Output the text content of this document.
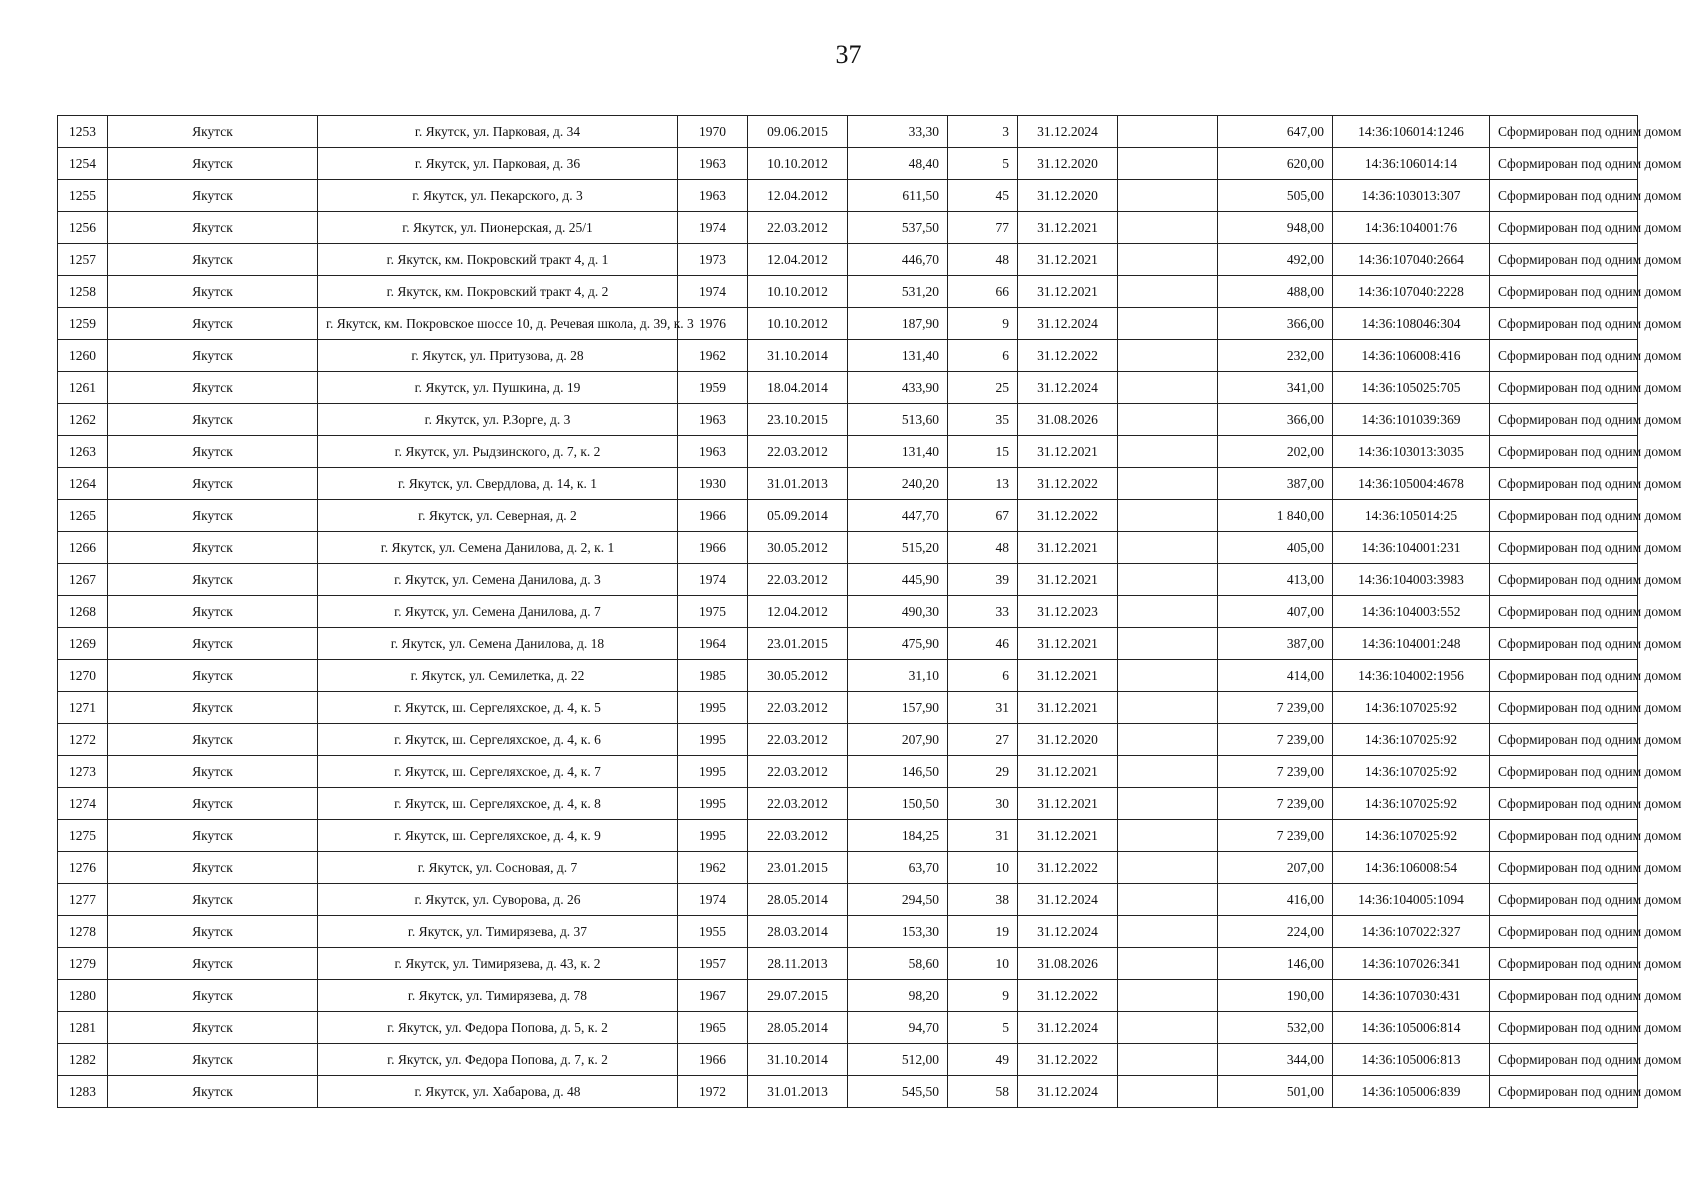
37
1253	Якутск	г. Якутск, ул. Парковая, д. 34	1970	09.06.2015	33,30	3	31.12.2024		647,00	14:36:106014:1246	Сформирован под одним домом
1254	Якутск	г. Якутск, ул. Парковая, д. 36	1963	10.10.2012	48,40	5	31.12.2020		620,00	14:36:106014:14	Сформирован под одним домом
1255	Якутск	г. Якутск, ул. Пекарского, д. 3	1963	12.04.2012	611,50	45	31.12.2020		505,00	14:36:103013:307	Сформирован под одним домом
1256	Якутск	г. Якутск, ул. Пионерская, д. 25/1	1974	22.03.2012	537,50	77	31.12.2021		948,00	14:36:104001:76	Сформирован под одним домом
1257	Якутск	г. Якутск, км. Покровский тракт 4, д. 1	1973	12.04.2012	446,70	48	31.12.2021		492,00	14:36:107040:2664	Сформирован под одним домом
1258	Якутск	г. Якутск, км. Покровский тракт 4, д. 2	1974	10.10.2012	531,20	66	31.12.2021		488,00	14:36:107040:2228	Сформирован под одним домом
1259	Якутск	г. Якутск, км. Покровское шоссе 10, д. Речевая школа, д. 39, к. 3	1976	10.10.2012	187,90	9	31.12.2024		366,00	14:36:108046:304	Сформирован под одним домом
1260	Якутск	г. Якутск, ул. Притузова, д. 28	1962	31.10.2014	131,40	6	31.12.2022		232,00	14:36:106008:416	Сформирован под одним домом
1261	Якутск	г. Якутск, ул. Пушкина, д. 19	1959	18.04.2014	433,90	25	31.12.2024		341,00	14:36:105025:705	Сформирован под одним домом
1262	Якутск	г. Якутск, ул. Р.Зорге, д. 3	1963	23.10.2015	513,60	35	31.08.2026		366,00	14:36:101039:369	Сформирован под одним домом
1263	Якутск	г. Якутск, ул. Рыдзинского, д. 7, к. 2	1963	22.03.2012	131,40	15	31.12.2021		202,00	14:36:103013:3035	Сформирован под одним домом
1264	Якутск	г. Якутск, ул. Свердлова, д. 14, к. 1	1930	31.01.2013	240,20	13	31.12.2022		387,00	14:36:105004:4678	Сформирован под одним домом
1265	Якутск	г. Якутск, ул. Северная, д. 2	1966	05.09.2014	447,70	67	31.12.2022		1 840,00	14:36:105014:25	Сформирован под одним домом
1266	Якутск	г. Якутск, ул. Семена Данилова, д. 2, к. 1	1966	30.05.2012	515,20	48	31.12.2021		405,00	14:36:104001:231	Сформирован под одним домом
1267	Якутск	г. Якутск, ул. Семена Данилова, д. 3	1974	22.03.2012	445,90	39	31.12.2021		413,00	14:36:104003:3983	Сформирован под одним домом
1268	Якутск	г. Якутск, ул. Семена Данилова, д. 7	1975	12.04.2012	490,30	33	31.12.2023		407,00	14:36:104003:552	Сформирован под одним домом
1269	Якутск	г. Якутск, ул. Семена Данилова, д. 18	1964	23.01.2015	475,90	46	31.12.2021		387,00	14:36:104001:248	Сформирован под одним домом
1270	Якутск	г. Якутск, ул. Семилетка, д. 22	1985	30.05.2012	31,10	6	31.12.2021		414,00	14:36:104002:1956	Сформирован под одним домом
1271	Якутск	г. Якутск, ш. Сергеляхское, д. 4, к. 5	1995	22.03.2012	157,90	31	31.12.2021		7 239,00	14:36:107025:92	Сформирован под одним домом
1272	Якутск	г. Якутск, ш. Сергеляхское, д. 4, к. 6	1995	22.03.2012	207,90	27	31.12.2020		7 239,00	14:36:107025:92	Сформирован под одним домом
1273	Якутск	г. Якутск, ш. Сергеляхское, д. 4, к. 7	1995	22.03.2012	146,50	29	31.12.2021		7 239,00	14:36:107025:92	Сформирован под одним домом
1274	Якутск	г. Якутск, ш. Сергеляхское, д. 4, к. 8	1995	22.03.2012	150,50	30	31.12.2021		7 239,00	14:36:107025:92	Сформирован под одним домом
1275	Якутск	г. Якутск, ш. Сергеляхское, д. 4, к. 9	1995	22.03.2012	184,25	31	31.12.2021		7 239,00	14:36:107025:92	Сформирован под одним домом
1276	Якутск	г. Якутск, ул. Сосновая, д. 7	1962	23.01.2015	63,70	10	31.12.2022		207,00	14:36:106008:54	Сформирован под одним домом
1277	Якутск	г. Якутск, ул. Суворова, д. 26	1974	28.05.2014	294,50	38	31.12.2024		416,00	14:36:104005:1094	Сформирован под одним домом
1278	Якутск	г. Якутск, ул. Тимирязева, д. 37	1955	28.03.2014	153,30	19	31.12.2024		224,00	14:36:107022:327	Сформирован под одним домом
1279	Якутск	г. Якутск, ул. Тимирязева, д. 43, к. 2	1957	28.11.2013	58,60	10	31.08.2026		146,00	14:36:107026:341	Сформирован под одним домом
1280	Якутск	г. Якутск, ул. Тимирязева, д. 78	1967	29.07.2015	98,20	9	31.12.2022		190,00	14:36:107030:431	Сформирован под одним домом
1281	Якутск	г. Якутск, ул. Федора Попова, д. 5, к. 2	1965	28.05.2014	94,70	5	31.12.2024		532,00	14:36:105006:814	Сформирован под одним домом
1282	Якутск	г. Якутск, ул. Федора Попова, д. 7, к. 2	1966	31.10.2014	512,00	49	31.12.2022		344,00	14:36:105006:813	Сформирован под одним домом
1283	Якутск	г. Якутск, ул. Хабарова, д. 48	1972	31.01.2013	545,50	58	31.12.2024		501,00	14:36:105006:839	Сформирован под одним домом
